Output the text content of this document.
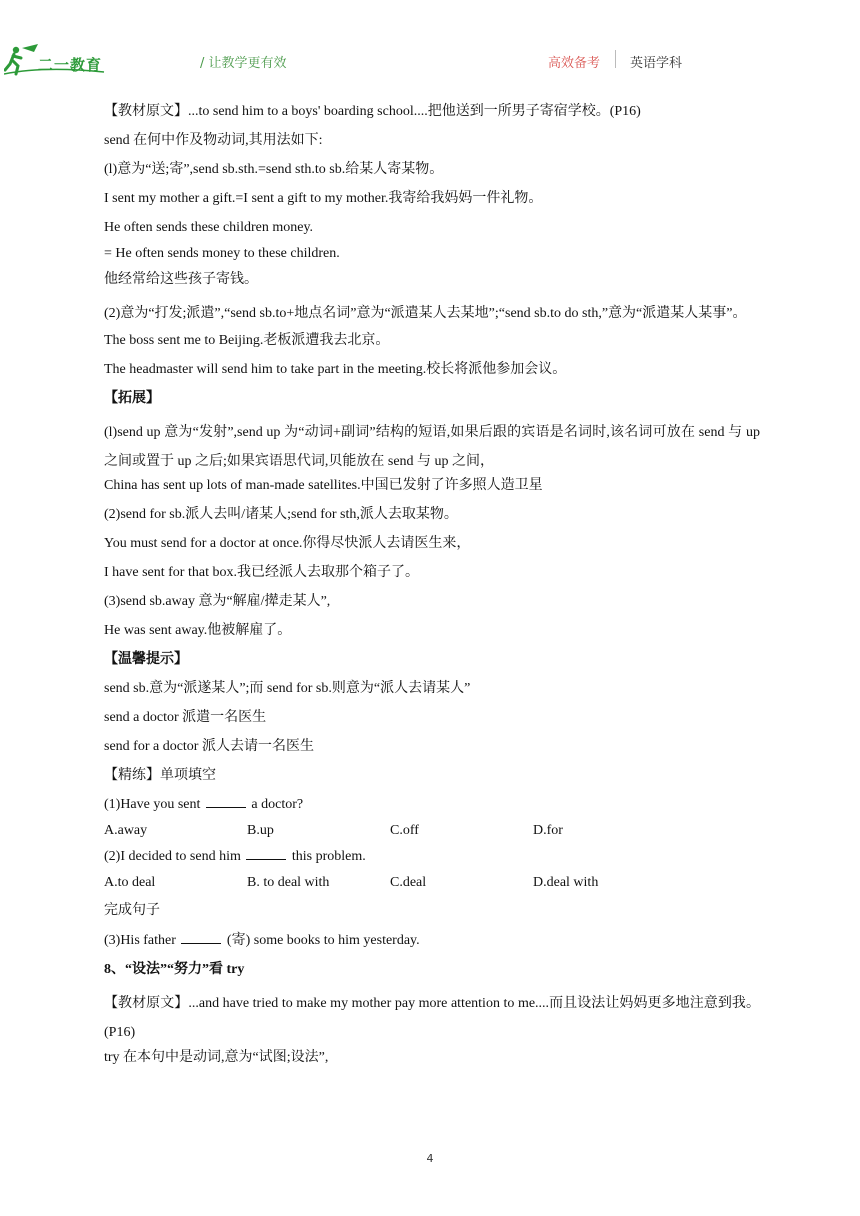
二一教育	/ 让教学更有效	高效备考 英语学科
【教材原文】...to send him to a boys' boarding school....把他送到一所男子寄宿学校。(P16)
send 在何中作及物动词,其用法如下:
(l)意为“送;寄”,send sb.sth.=send sth.to sb.给某人寄某物。
I sent my mother a gift.=I sent a gift to my mother.我寄给我妈妈一件礼物。
He often sends these children money.
= He often sends money to these children.
他经常给这些孩子寄钱。
(2)意为“打发;派遣”,“send sb.to+地点名词”意为“派遣某人去某地”;“send sb.to do sth,”意为“派遣某人某事”。
The boss sent me to Beijing.老板派遭我去北京。
The headmaster will send him to take part in the meeting.校长将派他参加会议。
【拓展】
(l)send up 意为“发射”,send up 为“动词+副词”结构的短语,如果后跟的宾语是名词时,该名词可放在 send 与 up 之间或置于 up 之后;如果宾语思代词,贝能放在 send 与 up 之间，
China has sent up lots of man-made satellites.中国已发射了许多照人造卫星
(2)send for sb.派人去叫/诸某人;send for sth,派人去取某物。
You must send for a doctor at once.你得尽快派人去请医生来，
I have sent for that box.我已经派人去取那个箱子了。
(3)send sb.away 意为“解雇/撵走某人”,
He was sent away.他被解雇了。
【温馨提示】
send sb.意为“派遂某人”;而 send for sb.则意为“派人去请某人”
send a doctor 派遣一名医生
send for a doctor 派人去请一名医生
【精练】单项填空
(1)Have you sent	a doctor?
A.away	B.up	C.off	D.for
(2)I decided to send him	this problem.
A.to deal	B. to deal with	C.deal	D.deal with
完成句子
(3)His father	(寄) some books to him yesterday.
8、“设法”“努力”看 try
【教材原文】...and have tried to make my mother pay more attention to me....而且设法让妈妈更多地注意到我。(P16)
try 在本句中是动词,意为“试图;设法”,
4
